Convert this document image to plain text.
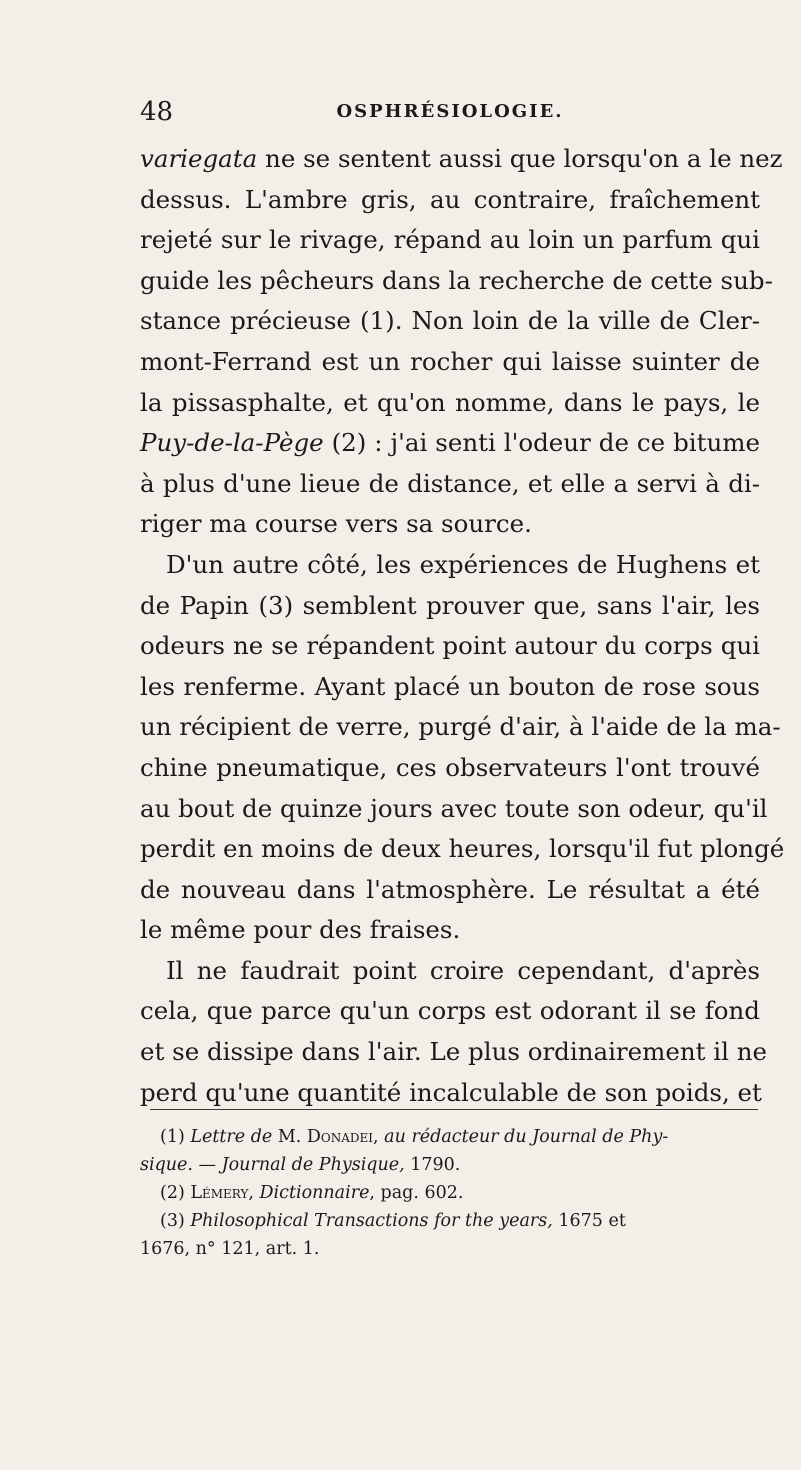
48	OSPHRÉSIOLOGIE.
variegata ne se sentent aussi que lorsqu'on a le nez
dessus. L'ambre gris, au contraire, fraîchement
rejeté sur le rivage, répand au loin un parfum qui
guide les pêcheurs dans la recherche de cette sub-
stance précieuse (1). Non loin de la ville de Cler-
mont-Ferrand est un rocher qui laisse suinter de
la pissasphalte, et qu'on nomme, dans le pays, le
Puy-de-la-Pège (2) : j'ai senti l'odeur de ce bitume
à plus d'une lieue de distance, et elle a servi à di-
riger ma course vers sa source.
D'un autre côté, les expériences de Hughens et
de Papin (3) semblent prouver que, sans l'air, les
odeurs ne se répandent point autour du corps qui
les renferme. Ayant placé un bouton de rose sous
un récipient de verre, purgé d'air, à l'aide de la ma-
chine pneumatique, ces observateurs l'ont trouvé
au bout de quinze jours avec toute son odeur, qu'il
perdit en moins de deux heures, lorsqu'il fut plongé
de nouveau dans l'atmosphère. Le résultat a été
le même pour des fraises.
Il ne faudrait point croire cependant, d'après
cela, que parce qu'un corps est odorant il se fond
et se dissipe dans l'air. Le plus ordinairement il ne
perd qu'une quantité incalculable de son poids, et
(1) Lettre de M. Donadei, au rédacteur du Journal de Phy-
sique. — Journal de Physique, 1790.
(2) Lémery, Dictionnaire, pag. 602.
(3) Philosophical Transactions for the years, 1675 et
1676, n° 121, art. 1.
